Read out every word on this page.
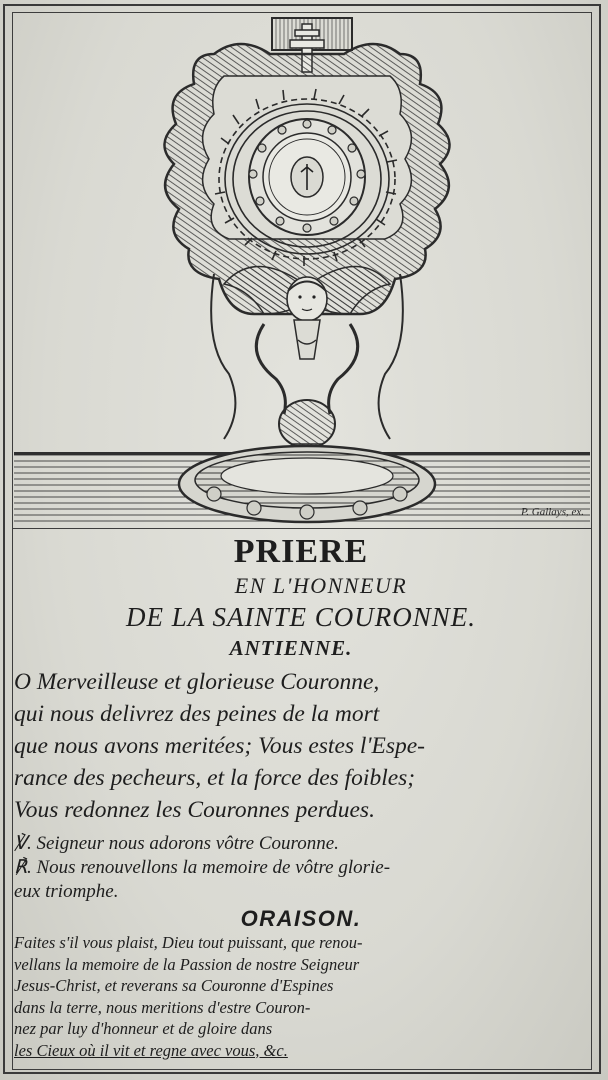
P. Gallays, ex.
PRIERE
EN L'HONNEUR
DE LA SAINTE COURONNE.
ANTIENNE.
O Merveilleuse et glorieuse Couronne,
qui nous delivrez des peines de la mort
que nous avons meritées; Vous estes l'Espe-
rance des pecheurs, et la force des foibles;
Vous redonnez les Couronnes perdues.
℣. Seigneur nous adorons vôtre Couronne.
℟. Nous renouvellons la memoire de vôtre glorie-
eux triomphe.
ORAISON.
Faites s'il vous plaist, Dieu tout puissant, que renou-
vellans la memoire de la Passion de nostre Seigneur
Jesus-Christ, et reverans sa Couronne d'Espines
dans la terre, nous meritions d'estre Couron-
nez par luy d'honneur et de gloire dans
les Cieux où il vit et regne avec vous, &c.
